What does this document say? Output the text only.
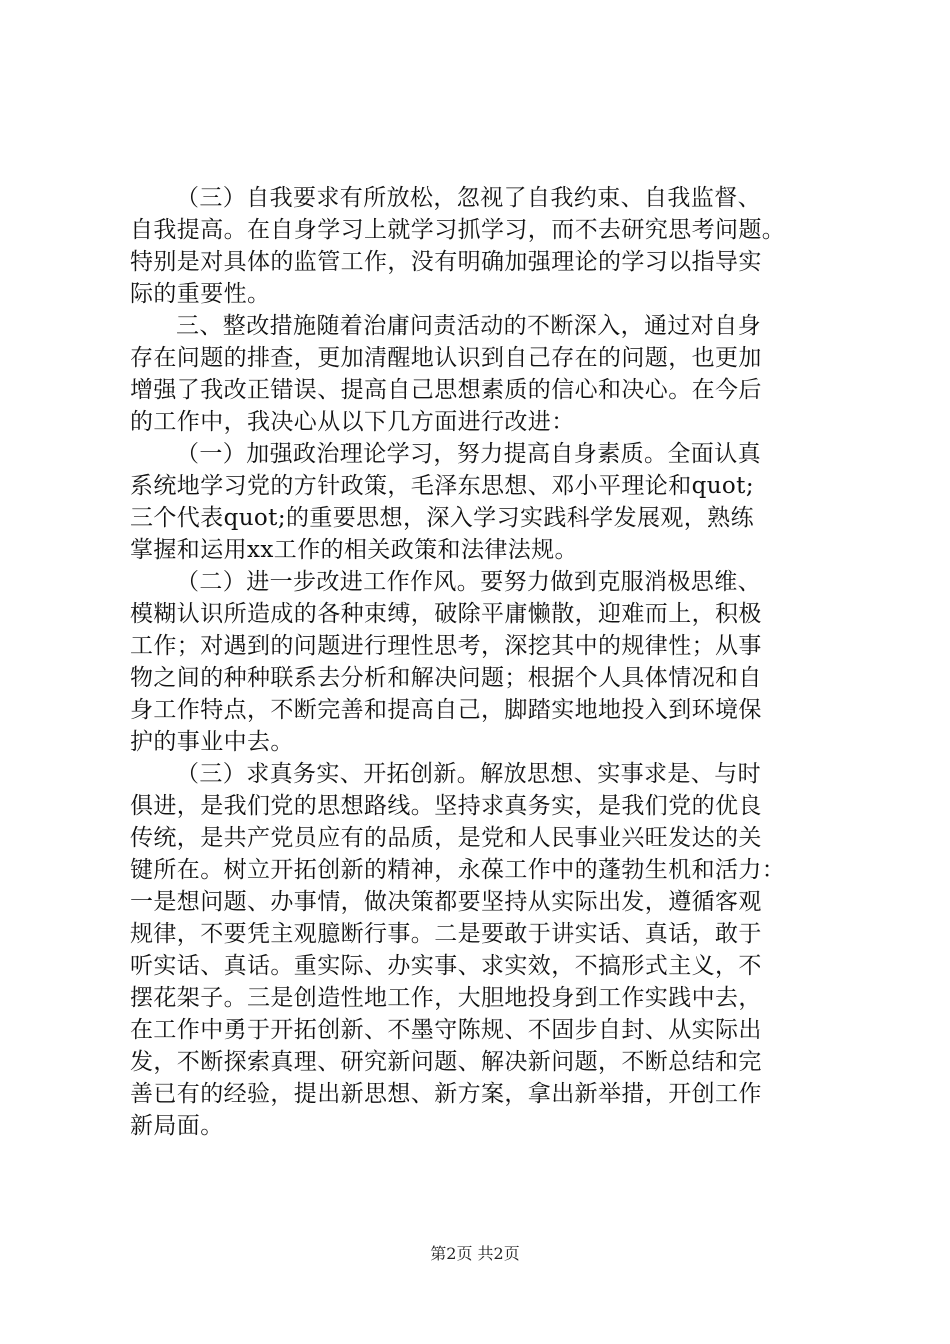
（三）自我要求有所放松，忽视了自我约束、自我监督、
自我提高。在自身学习上就学习抓学习，而不去研究思考问题。
特别是对具体的监管工作，没有明确加强理论的学习以指导实
际的重要性。
三、整改措施随着治庸问责活动的不断深入，通过对自身
存在问题的排查，更加清醒地认识到自己存在的问题，也更加
增强了我改正错误、提高自己思想素质的信心和决心。在今后
的工作中，我决心从以下几方面进行改进：
（一）加强政治理论学习，努力提高自身素质。全面认真
系统地学习党的方针政策，毛泽东思想、邓小平理论和quot;
三个代表quot;的重要思想，深入学习实践科学发展观，熟练
掌握和运用xx工作的相关政策和法律法规。
（二）进一步改进工作作风。要努力做到克服消极思维、
模糊认识所造成的各种束缚，破除平庸懒散，迎难而上，积极
工作；对遇到的问题进行理性思考，深挖其中的规律性；从事
物之间的种种联系去分析和解决问题；根据个人具体情况和自
身工作特点，不断完善和提高自己，脚踏实地地投入到环境保
护的事业中去。
（三）求真务实、开拓创新。解放思想、实事求是、与时
俱进，是我们党的思想路线。坚持求真务实，是我们党的优良
传统，是共产党员应有的品质，是党和人民事业兴旺发达的关
键所在。树立开拓创新的精神，永葆工作中的蓬勃生机和活力：
一是想问题、办事情，做决策都要坚持从实际出发，遵循客观
规律，不要凭主观臆断行事。二是要敢于讲实话、真话，敢于
听实话、真话。重实际、办实事、求实效，不搞形式主义，不
摆花架子。三是创造性地工作，大胆地投身到工作实践中去，
在工作中勇于开拓创新、不墨守陈规、不固步自封、从实际出
发，不断探索真理、研究新问题、解决新问题，不断总结和完
善已有的经验，提出新思想、新方案，拿出新举措，开创工作
新局面。
第2页 共2页
